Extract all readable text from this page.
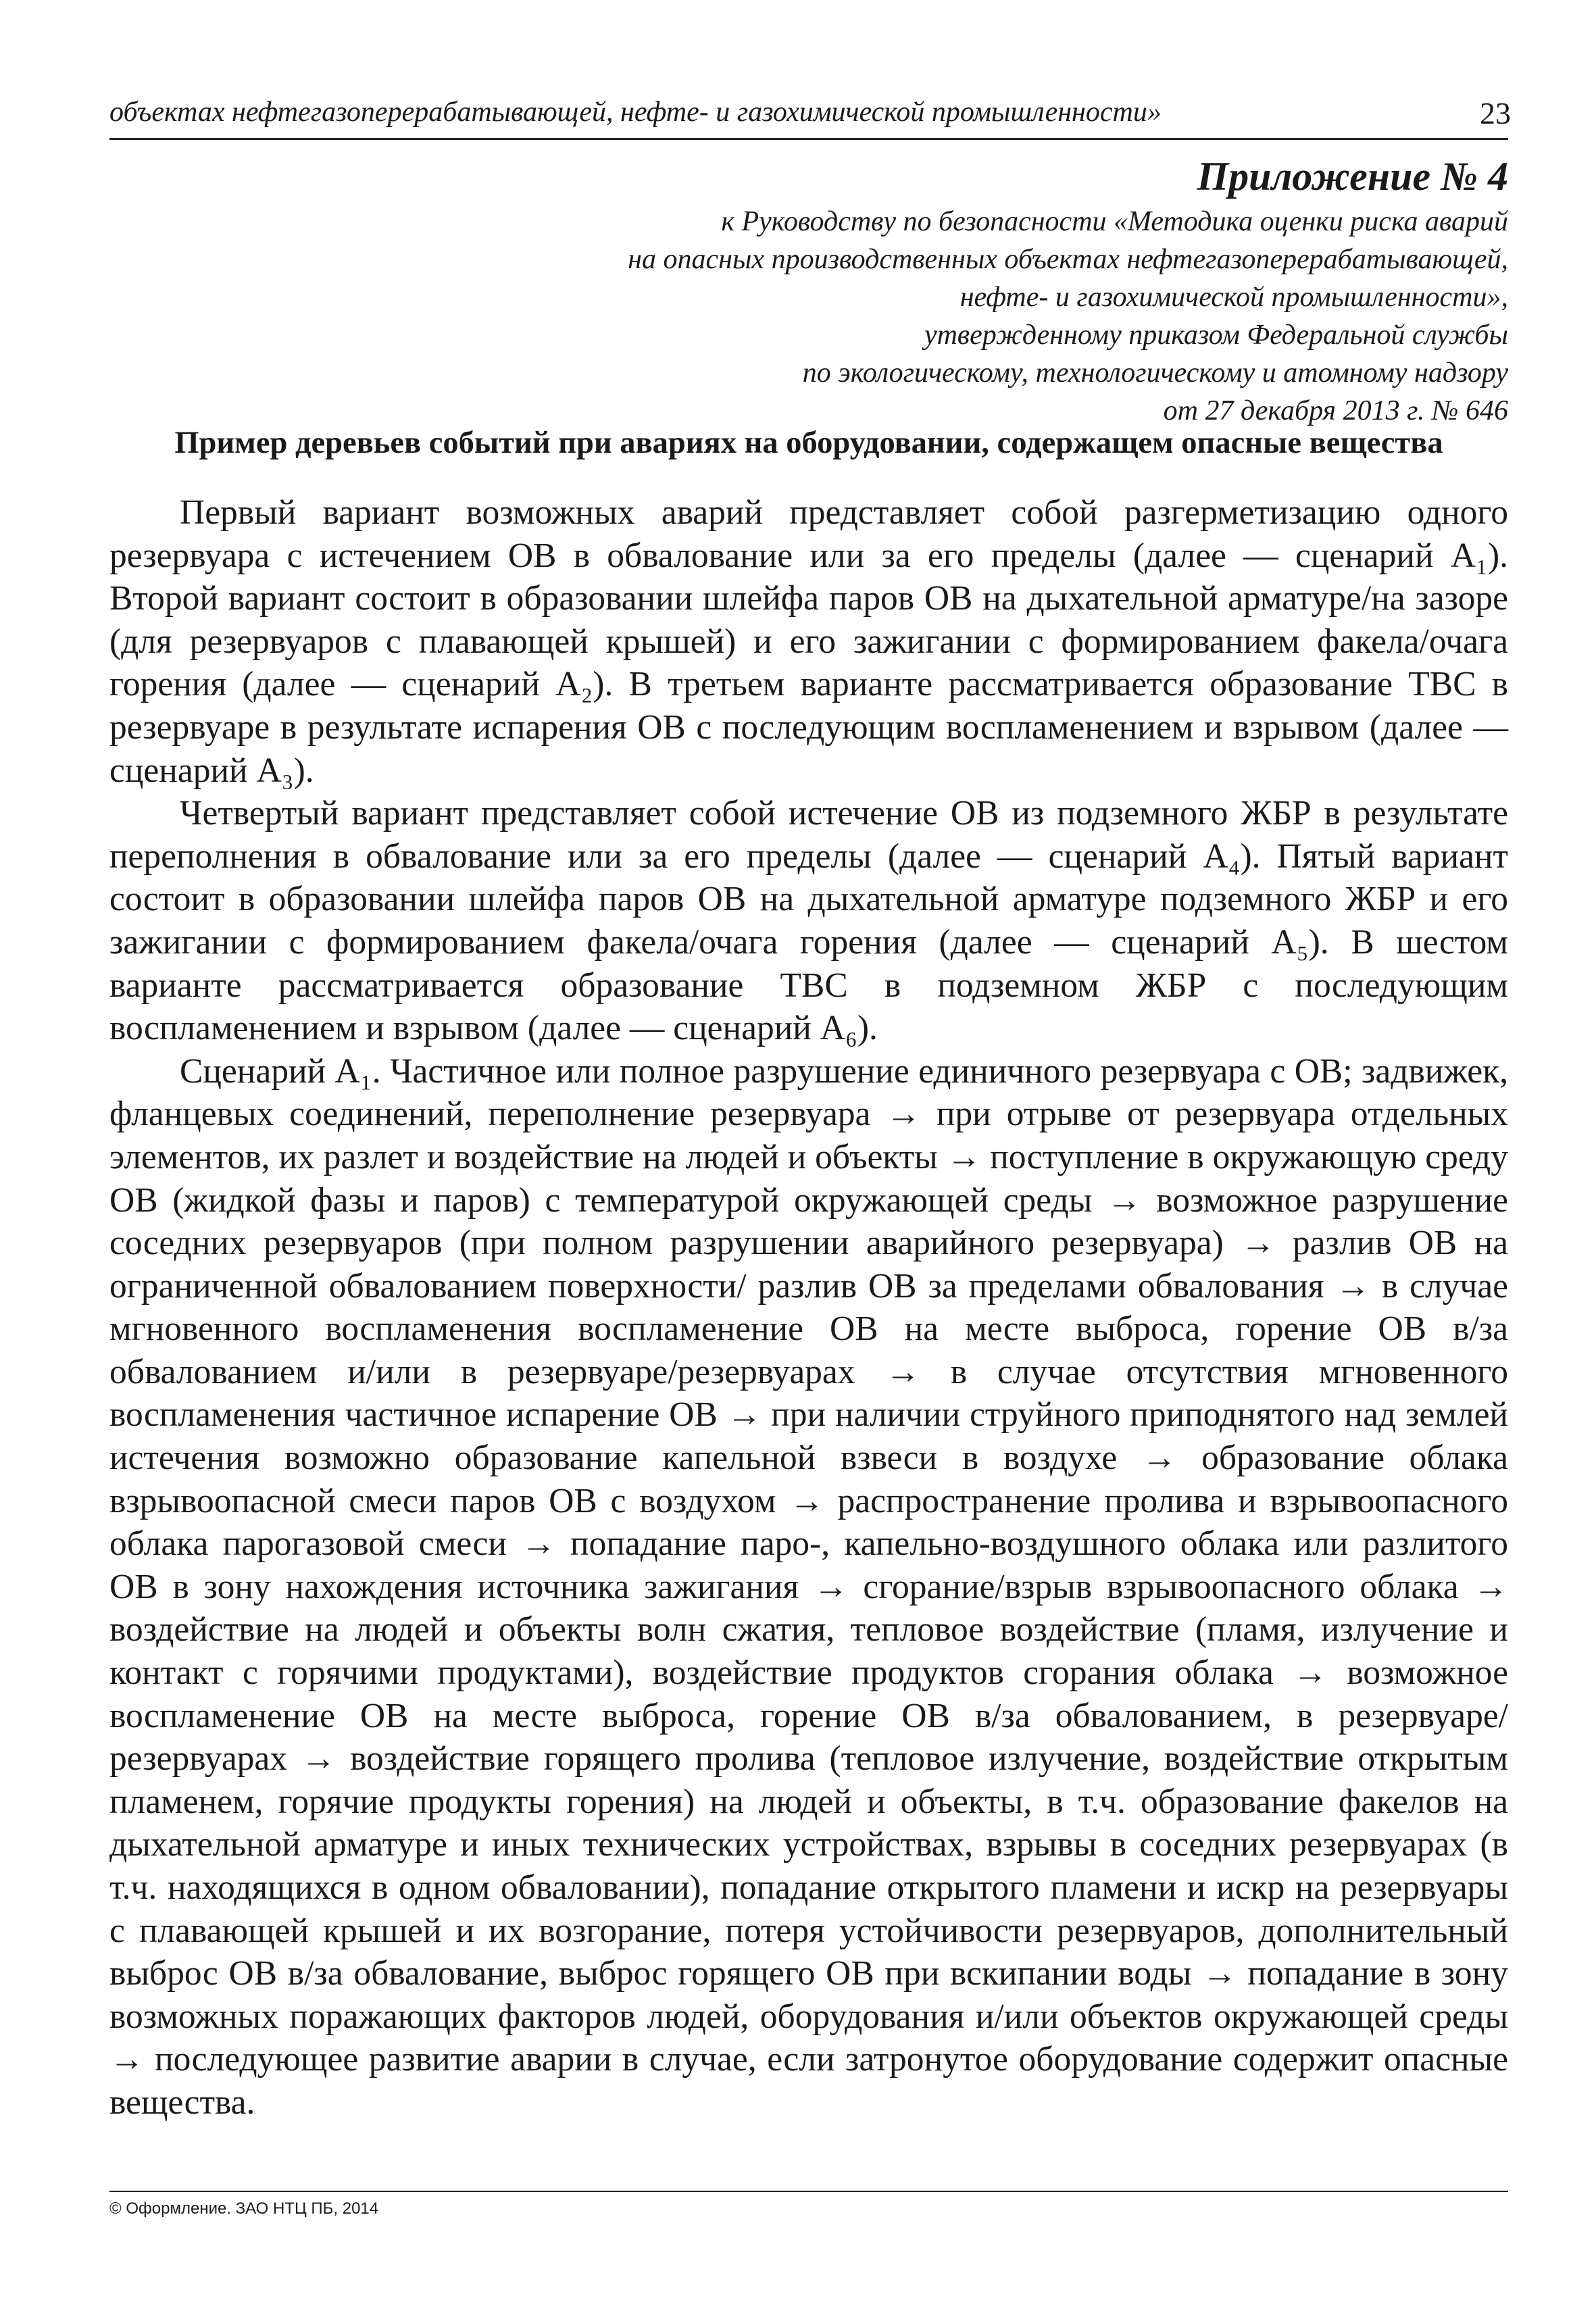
объектах нефтегазоперерабатывающей, нефте- и газохимической промышленности»	23
Приложение № 4
к Руководству по безопасности «Методика оценки риска аварий
на опасных производственных объектах нефтегазоперерабатывающей,
нефте- и газохимической промышленности»,
утвержденному приказом Федеральной службы
по экологическому, технологическому и атомному надзору
от 27 декабря 2013 г. № 646
Пример деревьев событий при авариях на оборудовании, содержащем опасные вещества

Первый вариант возможных аварий представляет собой разгерметизацию одного резервуара с истечением ОВ в обвалование или за его пределы (далее — сценарий A₁). Второй вариант состоит в образовании шлейфа паров ОВ на дыхательной арматуре/на зазоре (для резервуаров с плавающей крышей) и его зажигании с формированием факела/очага горения (далее — сценарий A₂). В третьем варианте рассматривается образование ТВС в резервуаре в результате испарения ОВ с последующим воспламенением и взрывом (далее — сценарий A₃).

Четвертый вариант представляет собой истечение ОВ из подземного ЖБР в результате переполнения в обвалование или за его пределы (далее — сценарий A₄). Пятый вариант состоит в образовании шлейфа паров ОВ на дыхательной арматуре подземного ЖБР и его зажигании с формированием факела/очага горения (далее — сценарий A₅). В шестом варианте рассматривается образование ТВС в подземном ЖБР с последующим воспламенением и взрывом (далее — сценарий A₆).

Сценарий A₁. Частичное или полное разрушение единичного резервуара с ОВ; задвижек, фланцевых соединений, переполнение резервуара → при отрыве от резервуара отдельных элементов, их разлет и воздействие на людей и объекты → поступление в окружающую среду ОВ (жидкой фазы и паров) с температурой окружающей среды → возможное разрушение соседних резервуаров (при полном разрушении аварийного резервуара) → разлив ОВ на ограниченной обвалованием поверхности/ разлив ОВ за пределами обвалования → в случае мгновенного воспламенения воспламенение ОВ на месте выброса, горение ОВ в/за обвалованием и/или в резервуаре/резервуарах → в случае отсутствия мгновенного воспламенения частичное испарение ОВ → при наличии струйного приподнятого над землей истечения возможно образование капельной взвеси в воздухе → образование облака взрывоопасной смеси паров ОВ с воздухом → распространение пролива и взрывоопасного облака парогазовой смеси → попадание паро-, капельно-воздушного облака или разлитого ОВ в зону нахождения источника зажигания → сгорание/взрыв взрывоопасного облака → воздействие на людей и объекты волн сжатия, тепловое воздействие (пламя, излучение и контакт с горячими продуктами), воздействие продуктов сгорания облака → возможное воспламенение ОВ на месте выброса, горение ОВ в/за обвалованием, в резервуаре/резервуарах → воздействие горящего пролива (тепловое излучение, воздействие открытым пламенем, горячие продукты горения) на людей и объекты, в т.ч. образование факелов на дыхательной арматуре и иных технических устройствах, взрывы в соседних резервуарах (в т.ч. находящихся в одном обваловании), попадание открытого пламени и искр на резервуары с плавающей крышей и их возгорание, потеря устойчивости резервуаров, дополнительный выброс ОВ в/за обвалование, выброс горящего ОВ при вскипании воды → попадание в зону возможных поражающих факторов людей, оборудования и/или объектов окружающей среды → последующее развитие аварии в случае, если затронутое оборудование содержит опасные вещества.

© Оформление. ЗАО НТЦ ПБ, 2014
